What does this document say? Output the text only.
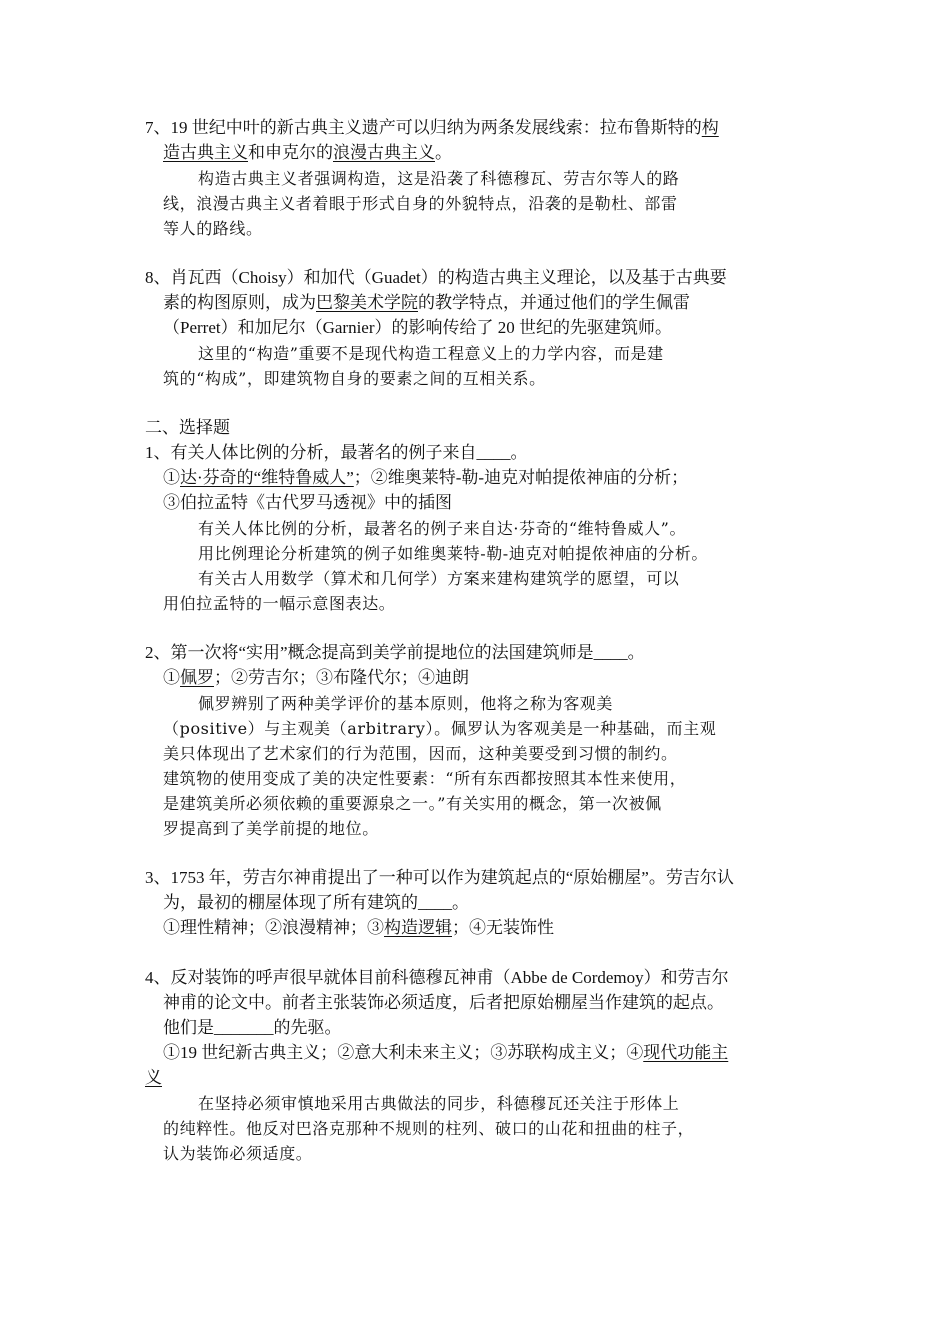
7、19 世纪中叶的新古典主义遗产可以归纳为两条发展线索：拉布鲁斯特的构
造古典主义和申克尔的浪漫古典主义。
构造古典主义者强调构造，这是沿袭了科德穆瓦、劳吉尔等人的路
线，浪漫古典主义者着眼于形式自身的外貌特点，沿袭的是勒杜、部雷
等人的路线。
8、肖瓦西（Choisy）和加代（Guadet）的构造古典主义理论，以及基于古典要
素的构图原则，成为巴黎美术学院的教学特点，并通过他们的学生佩雷
（Perret）和加尼尔（Garnier）的影响传给了 20 世纪的先驱建筑师。
这里的“构造”重要不是现代构造工程意义上的力学内容，而是建
筑的“构成”，即建筑物自身的要素之间的互相关系。
二、选择题
1、有关人体比例的分析，最著名的例子来自____。
①达·芬奇的“维特鲁威人”；②维奥莱特-勒-迪克对帕提侬神庙的分析；
③伯拉孟特《古代罗马透视》中的插图
有关人体比例的分析，最著名的例子来自达·芬奇的“维特鲁威人”。
用比例理论分析建筑的例子如维奥莱特-勒-迪克对帕提侬神庙的分析。
有关古人用数学（算术和几何学）方案来建构建筑学的愿望，可以
用伯拉孟特的一幅示意图表达。
2、第一次将“实用”概念提高到美学前提地位的法国建筑师是____。
①佩罗；②劳吉尔；③布隆代尔；④迪朗
佩罗辨别了两种美学评价的基本原则，他将之称为客观美
（positive）与主观美（arbitrary）。佩罗认为客观美是一种基础，而主观
美只体现出了艺术家们的行为范围，因而，这种美要受到习惯的制约。
建筑物的使用变成了美的决定性要素：“所有东西都按照其本性来使用，
是建筑美所必须依赖的重要源泉之一。”有关实用的概念，第一次被佩
罗提高到了美学前提的地位。
3、1753 年，劳吉尔神甫提出了一种可以作为建筑起点的“原始棚屋”。劳吉尔认
为，最初的棚屋体现了所有建筑的____。
①理性精神；②浪漫精神；③构造逻辑；④无装饰性
4、反对装饰的呼声很早就体目前科德穆瓦神甫（Abbe de Cordemoy）和劳吉尔
神甫的论文中。前者主张装饰必须适度，后者把原始棚屋当作建筑的起点。
他们是_______的先驱。
①19 世纪新古典主义；②意大利未来主义；③苏联构成主义；④现代功能主
义
在坚持必须审慎地采用古典做法的同步，科德穆瓦还关注于形体上
的纯粹性。他反对巴洛克那种不规则的柱列、破口的山花和扭曲的柱子，
认为装饰必须适度。
